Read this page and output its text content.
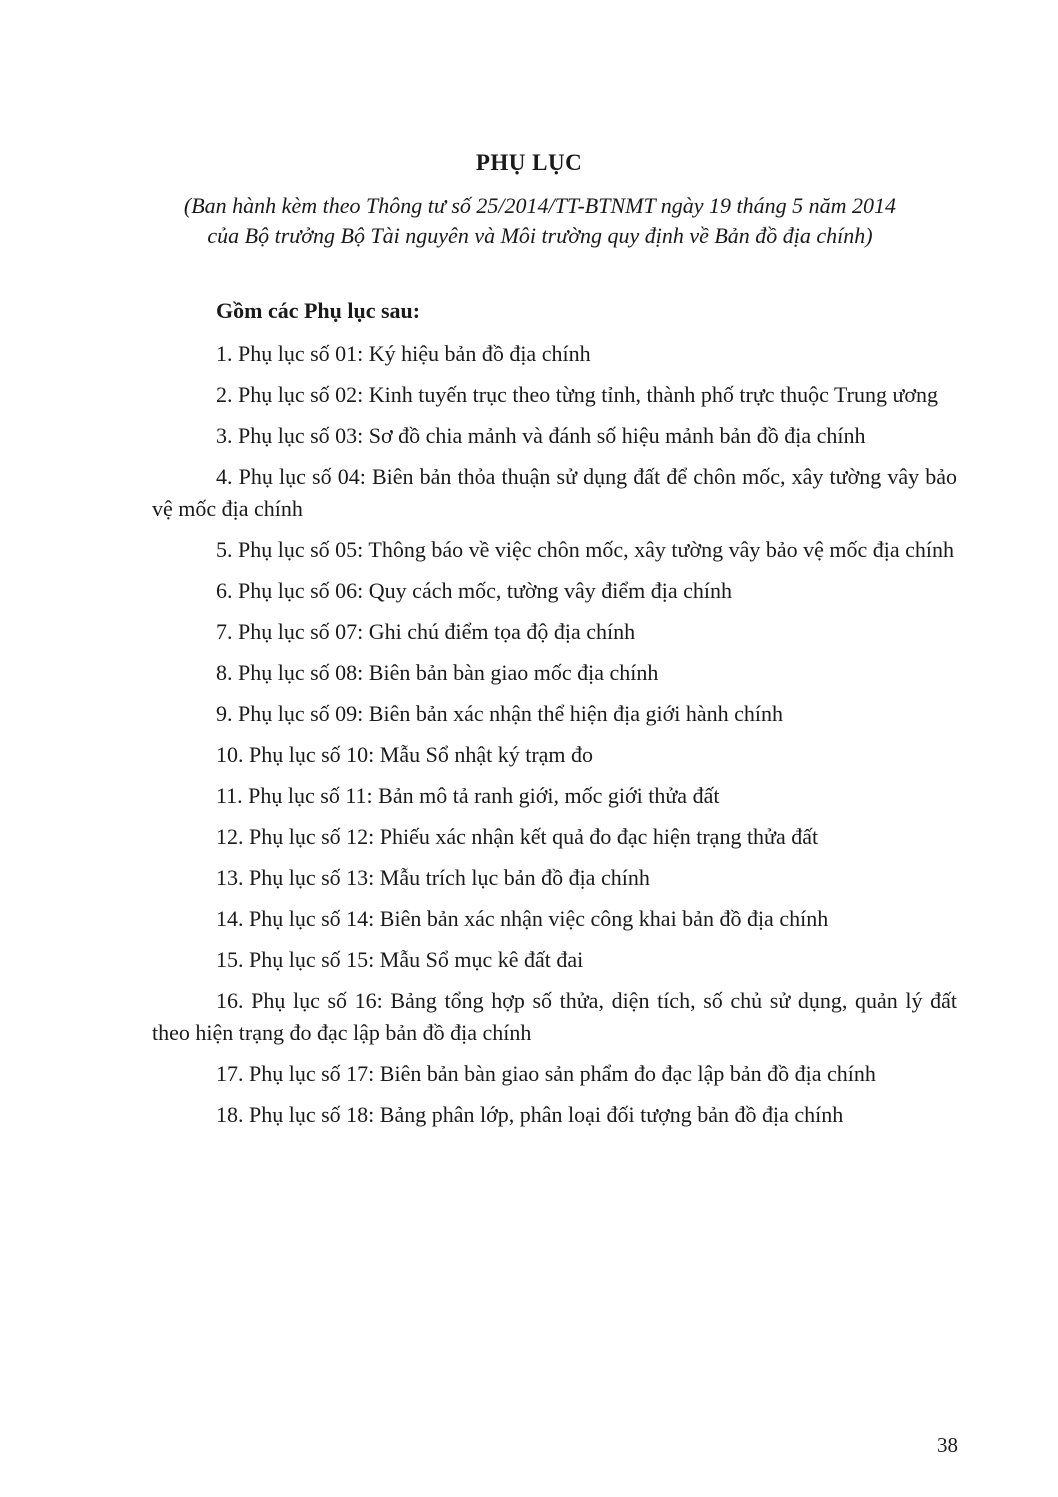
PHỤ LỤC
(Ban hành kèm theo Thông tư số 25/2014/TT-BTNMT ngày 19 tháng 5 năm 2014
của Bộ trưởng Bộ Tài nguyên và Môi trường quy định về Bản đồ địa chính)
Gồm các Phụ lục sau:

1. Phụ lục số 01: Ký hiệu bản đồ địa chính

2. Phụ lục số 02: Kinh tuyến trục theo từng tỉnh, thành phố trực thuộc Trung ương

3. Phụ lục số 03: Sơ đồ chia mảnh và đánh số hiệu mảnh bản đồ địa chính

4. Phụ lục số 04: Biên bản thỏa thuận sử dụng đất để chôn mốc, xây tường vây bảo vệ mốc địa chính

5. Phụ lục số 05: Thông báo về việc chôn mốc, xây tường vây bảo vệ mốc địa chính

6. Phụ lục số 06: Quy cách mốc, tường vây điểm địa chính

7. Phụ lục số 07: Ghi chú điểm tọa độ địa chính

8. Phụ lục số 08: Biên bản bàn giao mốc địa chính

9. Phụ lục số 09: Biên bản xác nhận thể hiện địa giới hành chính

10. Phụ lục số 10: Mẫu Sổ nhật ký trạm đo

11. Phụ lục số 11: Bản mô tả ranh giới, mốc giới thửa đất

12. Phụ lục số 12: Phiếu xác nhận kết quả đo đạc hiện trạng thửa đất

13. Phụ lục số 13: Mẫu trích lục bản đồ địa chính

14. Phụ lục số 14: Biên bản xác nhận việc công khai bản đồ địa chính

15. Phụ lục số 15: Mẫu Sổ mục kê đất đai

16. Phụ lục số 16: Bảng tổng hợp số thửa, diện tích, số chủ sử dụng, quản lý đất theo hiện trạng đo đạc lập bản đồ địa chính

17. Phụ lục số 17: Biên bản bàn giao sản phẩm đo đạc lập bản đồ địa chính

18. Phụ lục số 18: Bảng phân lớp, phân loại đối tượng bản đồ địa chính

38
